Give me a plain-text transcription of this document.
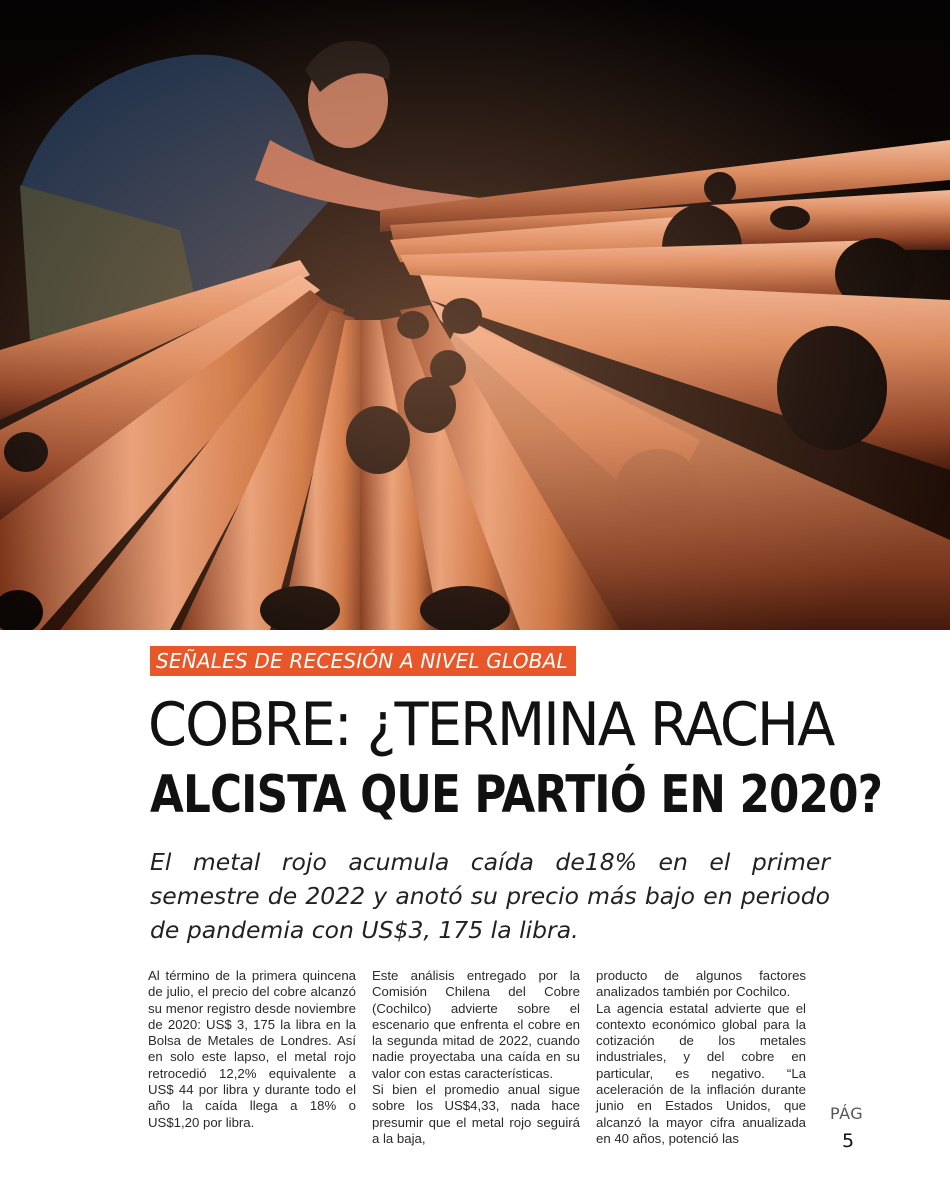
SEÑALES DE RECESIÓN A NIVEL GLOBAL
COBRE: ¿TERMINA RACHA
ALCISTA QUE PARTIÓ EN 2020?
El metal rojo acumula caída de18% en el primer semestre de 2022 y anotó su precio más bajo en periodo de pandemia con US$3, 175 la libra.

Al término de la primera quincena de julio, el precio del cobre alcanzó su menor registro desde noviembre de 2020: US$ 3, 175 la libra en la Bolsa de Metales de Londres. Así en solo este lapso, el metal rojo retrocedió 12,2% equivalente a US$ 44 por libra y durante todo el año la caída llega a 18% o US$1,20 por libra.

Este análisis entregado por la Comisión Chilena del Cobre (Cochilco) advierte sobre el escenario que enfrenta el cobre en la segunda mitad de 2022, cuando nadie proyectaba una caída en su valor con estas características.

Si bien el promedio anual sigue sobre los US$4,33, nada hace presumir que el metal rojo seguirá a la baja,

producto de algunos factores analizados también por Cochilco.

La agencia estatal advierte que el contexto económico global para la cotización de los metales industriales, y del cobre en particular, es negativo. “La aceleración de la inflación durante junio en Estados Unidos, que alcanzó la mayor cifra anualizada en 40 años, potenció las

PÁG
5
